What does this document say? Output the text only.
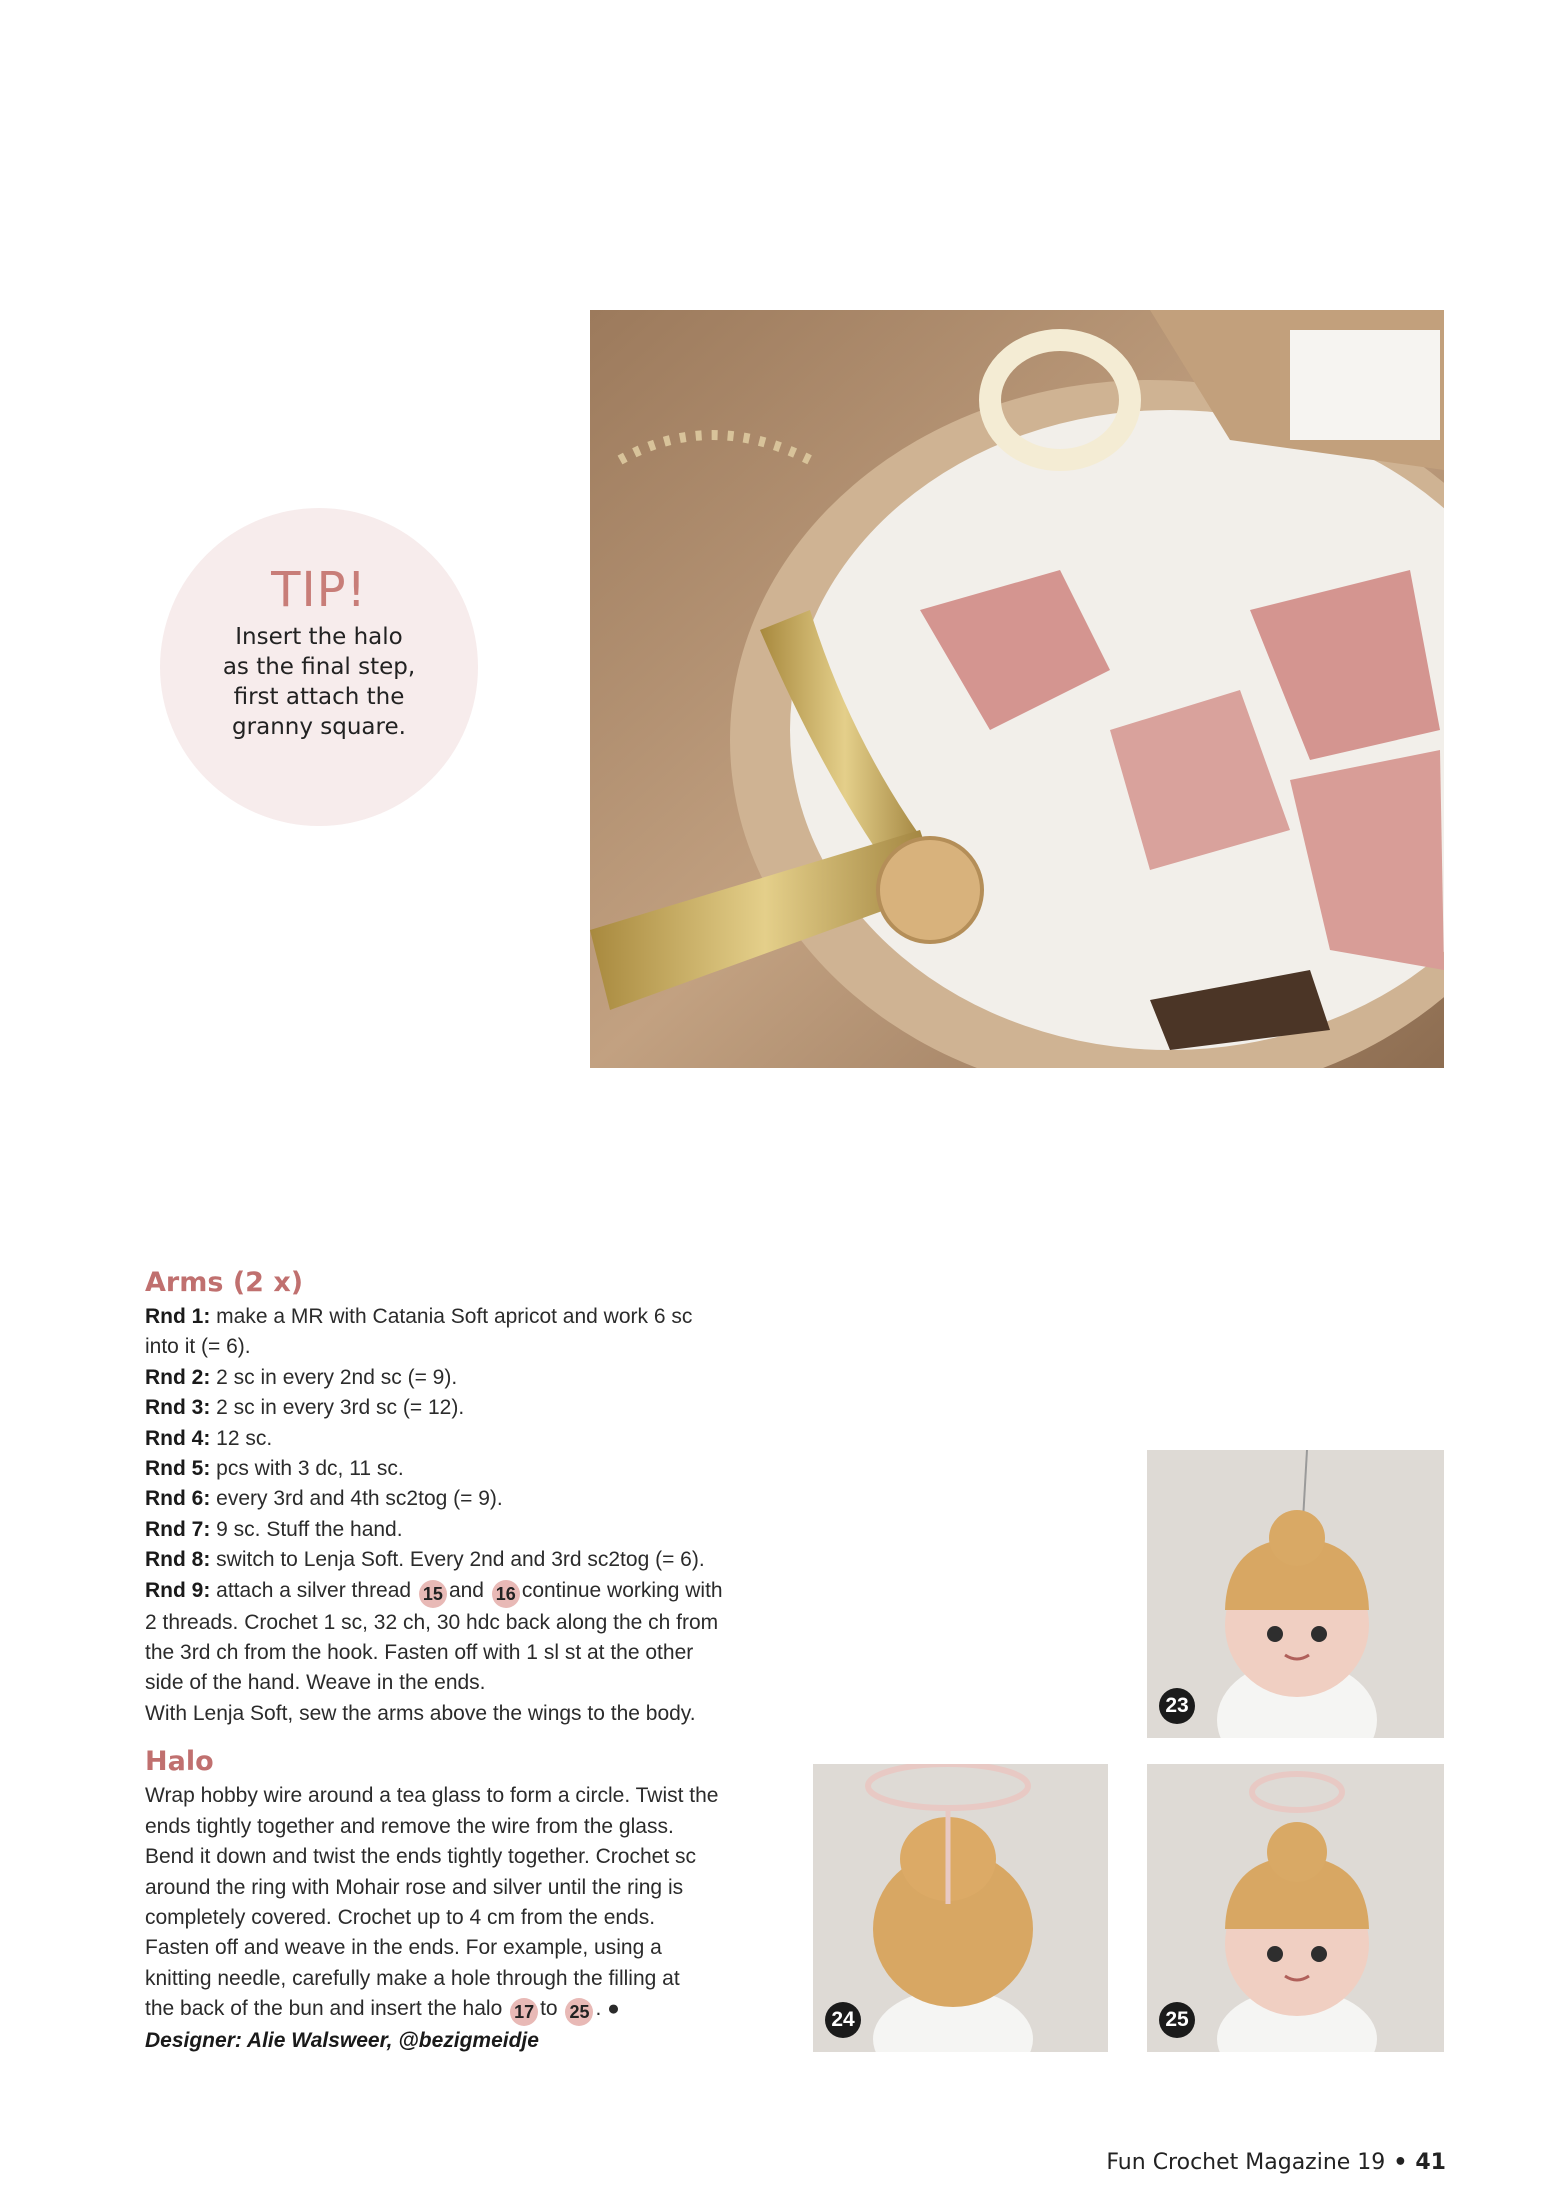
TIP!
Insert the halo
as the final step,
first attach the
granny square.
Arms (2 x)

Rnd 1: make a MR with Catania Soft apricot and work 6 sc

into it (= 6).

Rnd 2: 2 sc in every 2nd sc (= 9).

Rnd 3: 2 sc in every 3rd sc (= 12).

Rnd 4: 12 sc.

Rnd 5: pcs with 3 dc, 11 sc.

Rnd 6: every 3rd and 4th sc2tog (= 9).

Rnd 7: 9 sc. Stuff the hand.

Rnd 8: switch to Lenja Soft. Every 2nd and 3rd sc2tog (= 6).

Rnd 9: attach a silver thread 15 and 16 continue working with

2 threads. Crochet 1 sc, 32 ch, 30 hdc back along the ch from

the 3rd ch from the hook. Fasten off with 1 sl st at the other

side of the hand. Weave in the ends.

With Lenja Soft, sew the arms above the wings to the body.

Halo

Wrap hobby wire around a tea glass to form a circle. Twist the

ends tightly together and remove the wire from the glass.

Bend it down and twist the ends tightly together. Crochet sc

around the ring with Mohair rose and silver until the ring is

completely covered. Crochet up to 4 cm from the ends.

Fasten off and weave in the ends. For example, using a

knitting needle, carefully make a hole through the filling at

the back of the bun and insert the halo 17 to 25 . ●

Designer: Alie Walsweer, @bezigmeidje

23
24	25
Fun Crochet Magazine 19 • 41
